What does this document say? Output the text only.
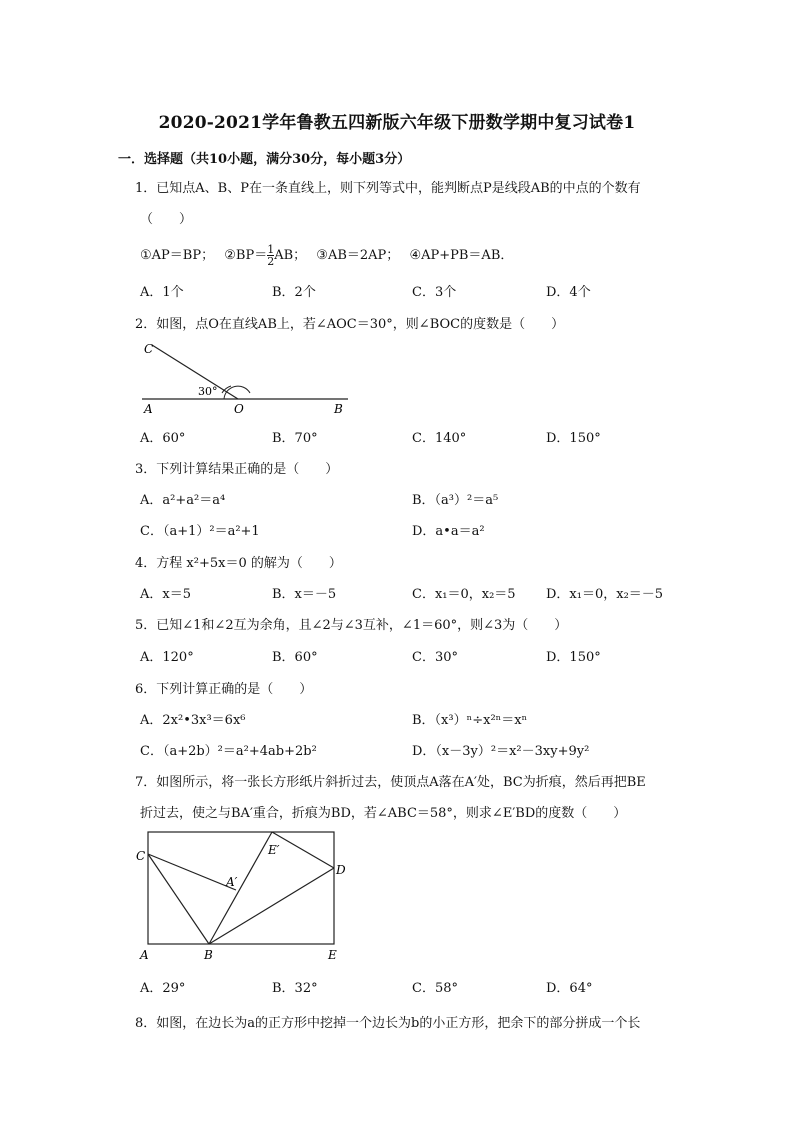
2020-2021学年鲁教五四新版六年级下册数学期中复习试卷1
一．选择题（共10小题，满分30分，每小题3分）
1．已知点A、B、P在一条直线上，则下列等式中，能判断点P是线段AB的中点的个数有
（　　）
①AP＝BP； ②BP＝ $\frac{1}{2}$ AB； ③AB＝2AP； ④AP+PB＝AB．
A．1个	B．2个	C．3个	D．4个
2．如图，点O在直线AB上，若∠AOC＝30°，则∠BOC的度数是（　　）
C
30°
A	O	B
A．60°	B．70°	C．140°	D．150°
3．下列计算结果正确的是（　　）
A．a²+a²＝a⁴	B．（a³）²＝a⁵
C．（a+1）²＝a²+1	D．a•a＝a²
4．方程 x²+5x＝0 的解为（　　）
A．x＝5	B．x＝－5	C．x₁＝0，x₂＝5 D．x₁＝0，x₂＝－5
5．已知∠1和∠2互为余角，且∠2与∠3互补，∠1＝60°，则∠3为（　　）
A．120°	B．60°	C．30°	D．150°
6．下列计算正确的是（　　）
A．2x²•3x³＝6x⁶	B．（x³）ⁿ÷x²ⁿ＝xⁿ
C．（a+2b）²＝a²+4ab+2b²	D．（x－3y）²＝x²－3xy+9y²
7．如图所示，将一张长方形纸片斜折过去，使顶点A落在A′处，BC为折痕，然后再把BE
折过去，使之与BA′重合，折痕为BD，若∠ABC＝58°，则求∠E′BD的度数（　　）
C	E′
D
A′
A	B	E
A．29°	B．32°	C．58°	D．64°
8．如图，在边长为a的正方形中挖掉一个边长为b的小正方形，把余下的部分拼成一个长
